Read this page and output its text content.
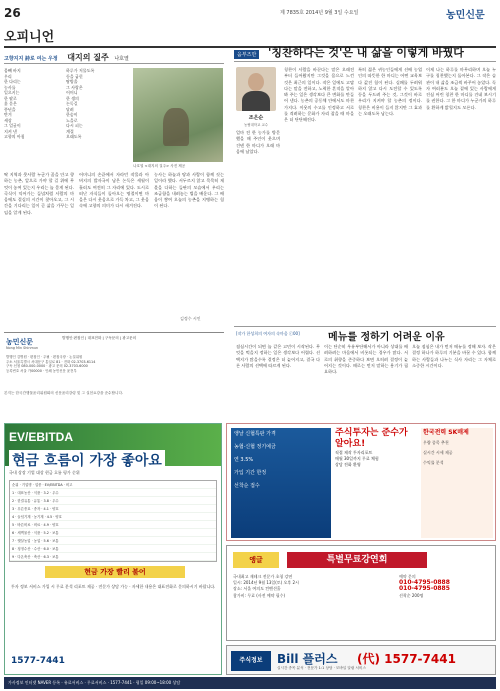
26	제 7835호 2014년 9월 3일 수요일	농민신문
오피니언
고향지지 詩로 여는 우정 대지의 질주 나호열
몸빼 바지
우리
한 다리는
농사를
일으키는
한 팔로
흙 묻은
풍년을
반겨
세상
그 얼굴이
지켜 낸
고향의 아침
하루가 저물도록
등을 굽힌
땀방울
그 사랑은
어머니
한 생의
논둑길
달려
한숨이
노을로
다시 피는
계절
오래도록
나호열 <대지의 질주> 사진 제공
딱 지역과 뭇사람 누군가 꿈을 안고 향하는 농촌, 앞으로 가야 할 길 위에 무엇이 놓여 있는지 우리는 늘 묻게 된다. 곡식이 익어가는 들녘처럼 사람의 마음에도 결실의 시간이 찾아오고, 그 시간을 기다리는 일이 곧 삶을 가꾸는 일임을 알게 된다.
어머니의 손끝에서 자라던 작물과 아버지의 발자국이 남은 논둑은 세월이 흘러도 여전히 그 자리에 있다. 도시로 떠난 자식들이 돌아오는 명절이면 마을은 다시 웃음으로 가득 차고, 그 웃음 속에 고향의 의미가 다시 새겨진다.
농사는 하늘과 땅과 사람이 함께 짓는 일이라 했다. 서두르지 않고 묵묵히 제 몫을 다하는 들판의 모습에서 우리는 조급함을 내려놓는 법을 배운다. 그 배움이 쌓여 오늘의 농촌을 지탱하는 힘이 된다.
김정수 시인
농민신문
Nong Min Shinmun
발행인·편집인 | 대표전화 | 구독문의 | 광고문의
발행인 김병원 · 편집인 · 주필 · 편집국장 · 논설위원
주소 서울특별시 서대문구 통일로 81 · 전화 02-3703-6114
구독 신청 080-000-0000 · 광고 문의 02-3703-6000
등록번호 서울 가00000 · 인쇄 농민신문 윤전부
본지는 한국간행물윤리위원회의 신문윤리강령 및 그 실천요강을 준수합니다.
옴부즈만 '칭찬하다는 것'은 내 삶을 이렇게 바꿨다
조은순
농협대학교 교수
얼마 전 한 농가를 방문했을 때 주인이 웃으며 건넨 한 마디가 오래 마음에 남았다.
칭찬이 사람을 바꾼다는 말은 오래전부터 들어왔지만 그것을 몸으로 느낀 것은 최근의 일이다. 작은 일에도 고맙다는 말을 전하고, 노력한 흔적을 알아봐 주는 일은 생각보다 큰 변화를 만들어 낸다. 농촌의 공동체 안에서도 마찬가지다. 이웃의 수고를 인정하고 서로를 격려하는 문화가 자리 잡을 때 마을은 더 단단해진다.
특히 젊은 귀농인들에게 선배 농업인의 따뜻한 한 마디는 어떤 교육보다 값진 힘이 된다. 실패를 두려워하지 않고 다시 도전할 수 있도록 등을 두드려 주는 것, 그것이 바로 우리가 지켜야 할 농촌의 정이다. 칭찬은 비용이 들지 않지만 그 효과는 오래도록 남는다.
이제 나는 하루를 마무리하며 오늘 누구를 칭찬했는지 돌아본다. 그 작은 습관이 내 삶을 조금씩 바꾸어 놓았다. 독자 여러분도 오늘 곁에 있는 사람에게 진심 어린 칭찬 한 마디를 건네 보시기를 권한다. 그 한 마디가 누군가의 하루를 환하게 밝힐지도 모른다.
[작가 한성희의 여자의 속마음 ⓒ00]	메뉴를 정하기 어려운 이유
점심시간이 되면 늘 같은 고민이 시작된다. 무엇을 먹을지 정하는 일은 생각보다 어렵다. 선택지가 많을수록 결정은 더 늦어지고, 결국 다른 사람의 선택에 따르게 된다.
이는 단순히 우유부단해서가 아니라 상대를 배려하려는 마음에서 비롯되는 경우가 많다. 서로의 취향을 존중하다 보면 오히려 결정이 늦어지는 것이다. 때로는 먼저 말하는 용기가 필요하다.
오늘 점심은 내가 먼저 메뉴를 정해 보자. 작은 결정 하나가 하루의 기분을 바꿀 수 있다. 함께하는 사람들과 나누는 식사 자리는 그 자체로 소중한 시간이다.
EV/EBITDA
현금 흐름이 가장 좋아요
국내 상장 기업 대상 현금 흐름 평가 순위
순위 · 기업명 · 업종 · EV/EBITDA · 비고
1 · 대표농산 · 식품 · 3.2 · 우수
2 · 한결유통 · 유통 · 3.8 · 우수
3 · 푸른종묘 · 종자 · 4.1 · 양호
4 · 들녘기계 · 농기계 · 4.5 · 양호
5 · 바른비료 · 비료 · 4.9 · 양호
6 · 새벽물산 · 식품 · 5.2 · 보통
7 · 햇살농업 · 농업 · 5.6 · 보통
8 · 청정수산 · 수산 · 6.0 · 보통
9 · 다온축산 · 축산 · 6.3 · 보통
현금 가장 빨리 불어
투자 정보 서비스 가입 시 무료 분석 리포트 제공 · 전문가 상담 가능 · 자세한 내용은 대표전화로 문의하시기 바랍니다.
1577-7441
앵날 신협특판 가격
농협·신협 정기예금
연 3.5%
가입 기간 한정
선착순 접수
주식투자는 준수가 알아요!
직접 제작 투자리포트
매월 30일까지 무료 체험
상담 전화 환영
한국전력 SK매제
우량 종목 추천
실시간 시세 제공
수익률 분석
앵글	특별무료강연회
국내최고 재테크 전문가 초청 강연
일시: 2014년 9월 13일(토) 오후 2시
장소: 서울 여의도 컨벤션홀
참가비: 무료 (사전 예약 필수)
예약 문의
010-4795-0888
010-4795-0885
선착순 200명
주식정보	Bill 플러스 (代) 1577-7441
실시간 종목 분석 · 전문가 1:1 상담 · 모바일 알림 서비스
가사정보 인터넷 NAVER 등록 · 유료서비스 · 무료서비스 · 1577-7441 · 평일 09:00~18:00 상담
